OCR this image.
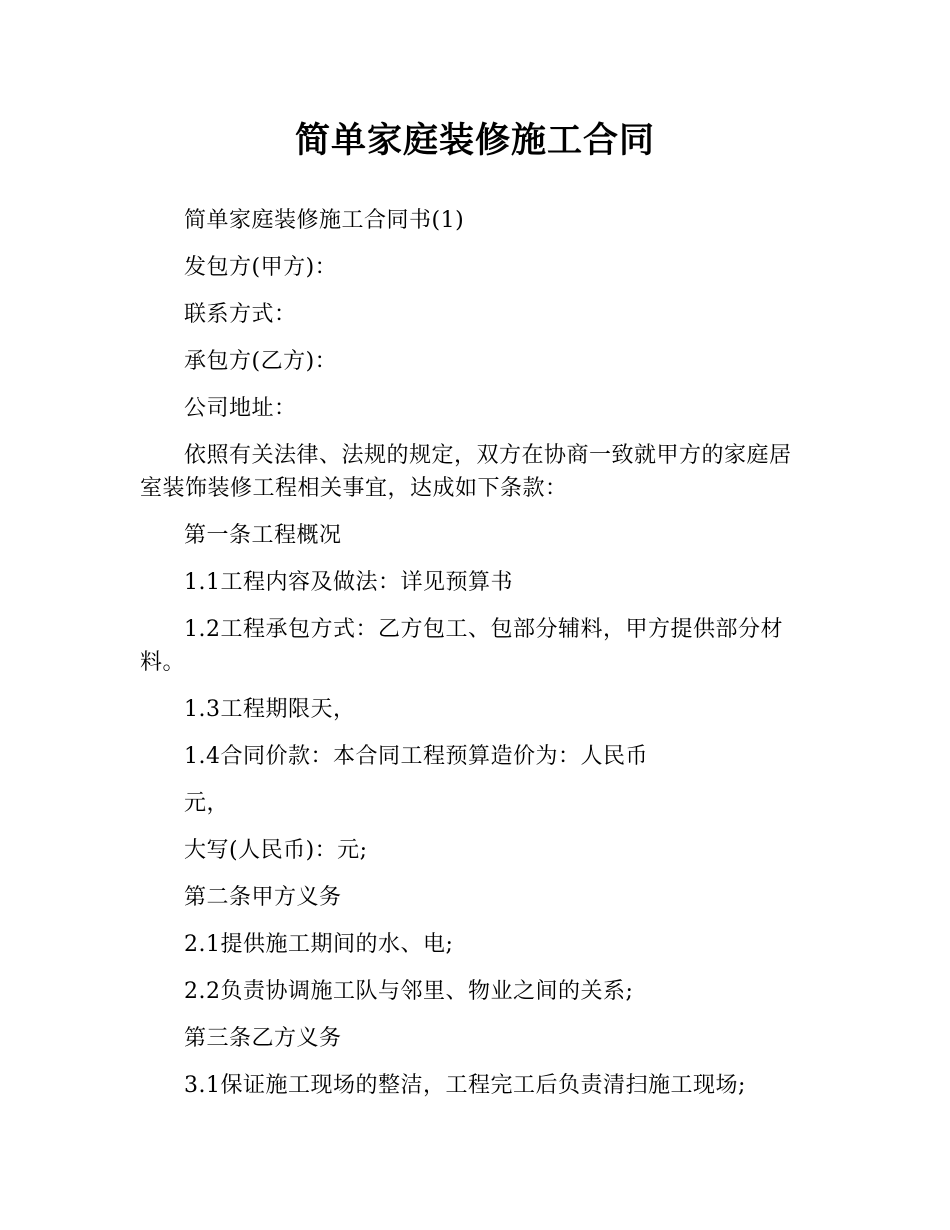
简单家庭装修施工合同

简单家庭装修施工合同书(1)

发包方(甲方)：

联系方式：

承包方(乙方)：

公司地址：

依照有关法律、法规的规定，双方在协商一致就甲方的家庭居室装饰装修工程相关事宜，达成如下条款：

第一条工程概况

1.1工程内容及做法：详见预算书

1.2工程承包方式：乙方包工、包部分辅料，甲方提供部分材料。

1.3工程期限天，

1.4合同价款：本合同工程预算造价为：人民币

元，

大写(人民币)：元;

第二条甲方义务

2.1提供施工期间的水、电;

2.2负责协调施工队与邻里、物业之间的关系;

第三条乙方义务

3.1保证施工现场的整洁，工程完工后负责清扫施工现场;
